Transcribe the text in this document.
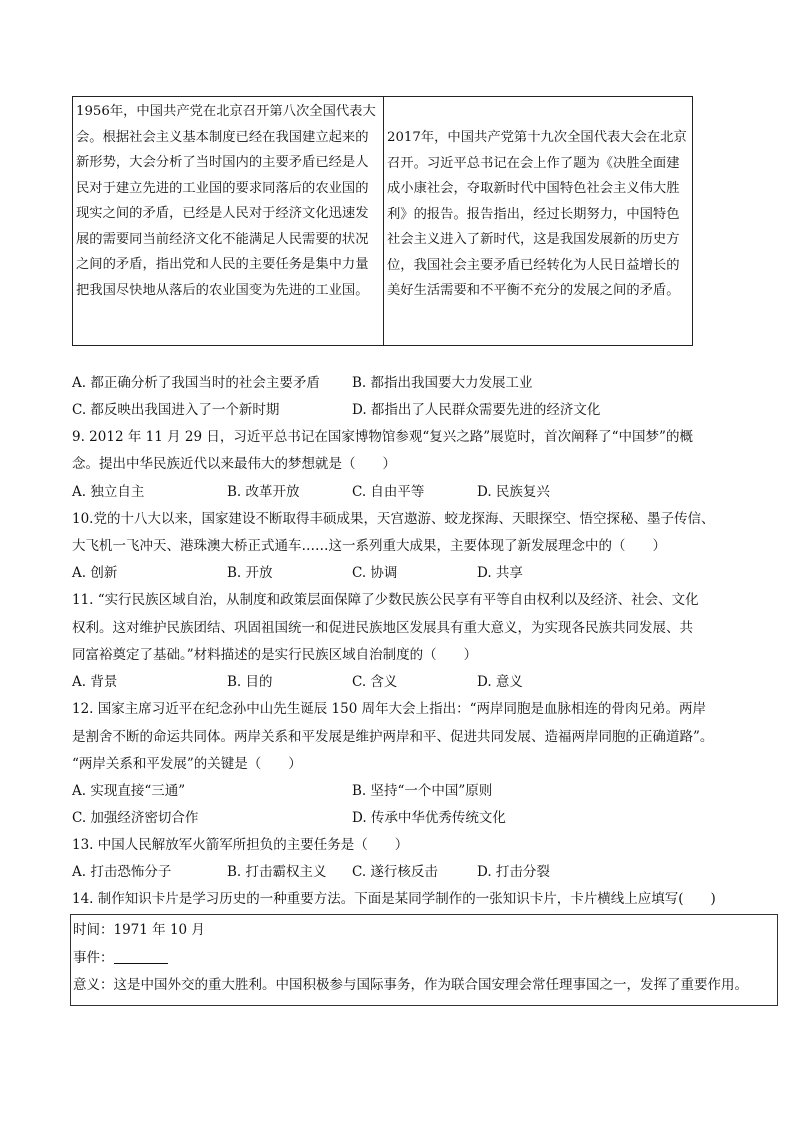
1956年，中国共产党在北京召开第八次全国代表大会。根据社会主义基本制度已经在我国建立起来的新形势，大会分析了当时国内的主要矛盾已经是人民对于建立先进的工业国的要求同落后的农业国的现实之间的矛盾，已经是人民对于经济文化迅速发展的需要同当前经济文化不能满足人民需要的状况之间的矛盾，指出党和人民的主要任务是集中力量把我国尽快地从落后的农业国变为先进的工业国。	2017年，中国共产党第十九次全国代表大会在北京召开。习近平总书记在会上作了题为《决胜全面建成小康社会，夺取新时代中国特色社会主义伟大胜利》的报告。报告指出，经过长期努力，中国特色社会主义进入了新时代，这是我国发展新的历史方位，我国社会主要矛盾已经转化为人民日益增长的美好生活需要和不平衡不充分的发展之间的矛盾。
A. 都正确分析了我国当时的社会主要矛盾 B. 都指出我国要大力发展工业
C. 都反映出我国进入了一个新时期	D. 都指出了人民群众需要先进的经济文化
9. 2012 年 11 月 29 日，习近平总书记在国家博物馆参观“复兴之路”展览时，首次阐释了“中国梦”的概
念。提出中华民族近代以来最伟大的梦想就是（　　）
A. 独立自主	B. 改革开放	C. 自由平等	D. 民族复兴
10.党的十八大以来，国家建设不断取得丰硕成果，天宫遨游、蛟龙探海、天眼探空、悟空探秘、墨子传信、
大飞机一飞冲天、港珠澳大桥正式通车……这一系列重大成果，主要体现了新发展理念中的（　　）
A. 创新	B. 开放	C. 协调	D. 共享
11. “实行民族区域自治，从制度和政策层面保障了少数民族公民享有平等自由权利以及经济、社会、文化
权利。这对维护民族团结、巩固祖国统一和促进民族地区发展具有重大意义，为实现各民族共同发展、共
同富裕奠定了基础。”材料描述的是实行民族区域自治制度的（　　）
A. 背景	B. 目的	C. 含义	D. 意义
12. 国家主席习近平在纪念孙中山先生诞辰 150 周年大会上指出：“两岸同胞是血脉相连的骨肉兄弟。两岸
是割舍不断的命运共同体。两岸关系和平发展是维护两岸和平、促进共同发展、造福两岸同胞的正确道路”。
“两岸关系和平发展”的关键是（　　）
A. 实现直接“三通”	B. 坚持“一个中国”原则
C. 加强经济密切合作	D. 传承中华优秀传统文化
13. 中国人民解放军火箭军所担负的主要任务是（　　）
A. 打击恐怖分子	B. 打击霸权主义 C. 遂行核反击	D. 打击分裂
14. 制作知识卡片是学习历史的一种重要方法。下面是某同学制作的一张知识卡片，卡片横线上应填写(　　)
时间：1971 年 10 月
事件：
意义：这是中国外交的重大胜利。中国积极参与国际事务，作为联合国安理会常任理事国之一，发挥了重要作用。
